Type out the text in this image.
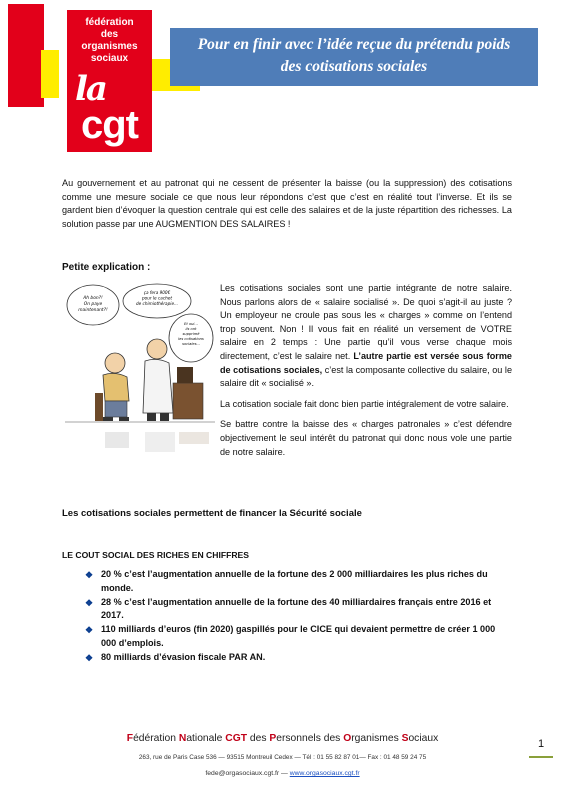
fédération
des
organismes
sociaux
la
cgt
Pour en finir avec l’idée reçue du prétendu poids
des cotisations sociales

Au gouvernement et au patronat qui ne cessent de présenter la baisse (ou la suppression) des cotisations comme une mesure sociale ce que nous leur répondons c’est que c’est en réalité tout l’inverse. Et ils se gardent bien d’évoquer la question centrale qui est celle des salaires et de la juste répartition des richesses. La solution passe par une AUGMENTION DES SALAIRES !

Petite explication :
Ah bon?! On paye maintenant?!
ça fera 900€ pour le cachet de chimiothérapie...
Et oui... ils ont supprimé les cotisations sociales...

Les cotisations sociales sont une partie intégrante de notre salaire. Nous parlons alors de « salaire socialisé ». De quoi s’agit-il au juste ? Un employeur ne croule pas sous les « charges » comme on l’entend trop souvent. Non ! Il vous fait en réalité un versement de VOTRE salaire en 2 temps : Une partie qu’il vous verse chaque mois directement, c’est le salaire net. L’autre partie est versée sous forme de cotisations sociales, c’est la composante collective du salaire, ou le salaire dit « socialisé ».

La cotisation sociale fait donc bien partie intégralement de votre salaire.

Se battre contre la baisse des « charges patronales » c’est défendre objectivement le seul intérêt du patronat qui donc nous vole une partie de notre salaire.

Les cotisations sociales permettent de financer la Sécurité sociale
LE COUT SOCIAL DES RICHES EN CHIFFRES
❖ 20 % c’est l’augmentation annuelle de la fortune des 2 000 milliardaires les plus riches du monde.
❖ 28 % c’est l’augmentation annuelle de la fortune des 40 milliardaires français entre 2016 et 2017.
❖ 110 milliards d’euros (fin 2020) gaspillés pour le CICE qui devaient permettre de créer 1 000 000 d’emplois.
❖ 80 milliards d’évasion fiscale PAR AN.
Fédération Nationale CGT des Personnels des Organismes Sociaux
263, rue de Paris Case 536 — 93515 Montreuil Cedex — Tél : 01 55 82 87 01— Fax : 01 48 59 24 75
fede@orgasociaux.cgt.fr — www.orgasociaux.cgt.fr
1
